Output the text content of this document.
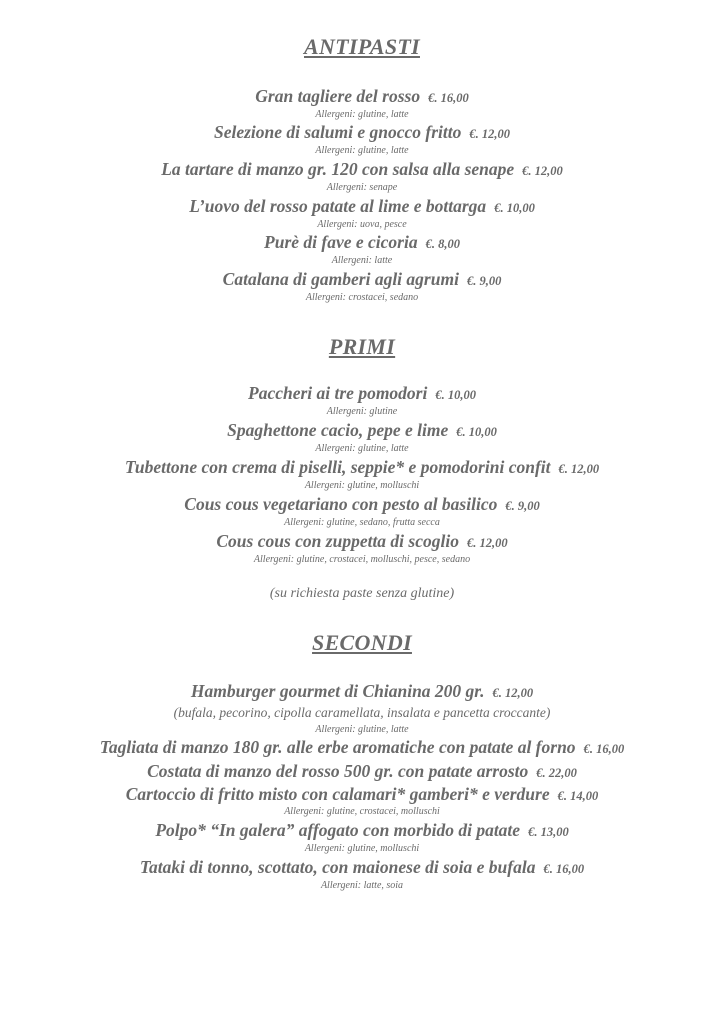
ANTIPASTI
Gran tagliere del rosso €. 16,00
Allergeni: glutine, latte
Selezione di salumi e gnocco fritto €. 12,00
Allergeni: glutine, latte
La tartare di manzo gr. 120 con salsa alla senape €. 12,00
Allergeni: senape
L’uovo del rosso patate al lime e bottarga €. 10,00
Allergeni: uova, pesce
Purè di fave e cicoria €. 8,00
Allergeni: latte
Catalana di gamberi agli agrumi €. 9,00
Allergeni: crostacei, sedano
PRIMI
Paccheri ai tre pomodori €. 10,00
Allergeni: glutine
Spaghettone cacio, pepe e lime €. 10,00
Allergeni: glutine, latte
Tubettone con crema di piselli, seppie* e pomodorini confit €. 12,00
Allergeni: glutine, molluschi
Cous cous vegetariano con pesto al basilico €. 9,00
Allergeni: glutine, sedano, frutta secca
Cous cous con zuppetta di scoglio €. 12,00
Allergeni: glutine, crostacei, molluschi, pesce, sedano
(su richiesta paste senza glutine)
SECONDI
Hamburger gourmet di Chianina 200 gr. €. 12,00
(bufala, pecorino, cipolla caramellata, insalata e pancetta croccante)
Allergeni: glutine, latte
Tagliata di manzo 180 gr. alle erbe aromatiche con patate al forno €. 16,00
Costata di manzo del rosso 500 gr. con patate arrosto €. 22,00
Cartoccio di fritto misto con calamari* gamberi* e verdure €. 14,00
Allergeni: glutine, crostacei, molluschi
Polpo* “In galera” affogato con morbido di patate €. 13,00
Allergeni: glutine, molluschi
Tataki di tonno, scottato, con maionese di soia e bufala €. 16,00
Allergeni: latte, soia
